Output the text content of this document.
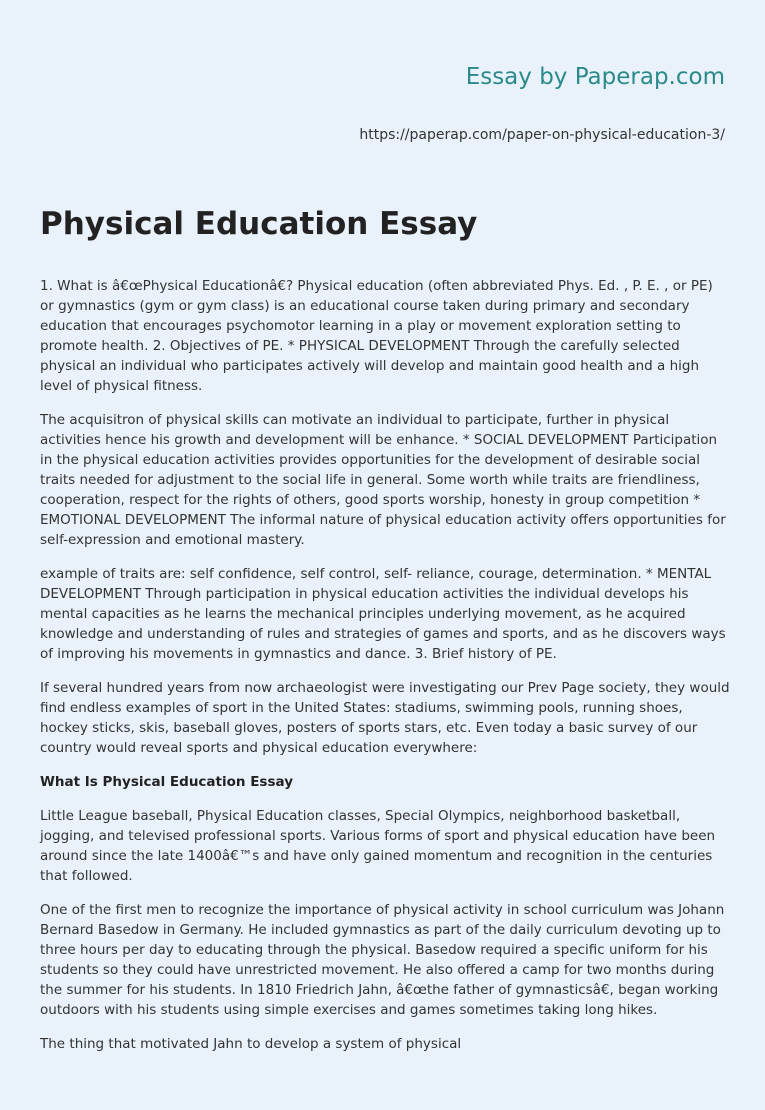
Essay by Paperap.com
https://paperap.com/paper-on-physical-education-3/
Physical Education Essay

1. What is â€œPhysical Educationâ€? Physical education (often abbreviated Phys. Ed. , P. E. , or PE) or gymnastics (gym or gym class) is an educational course taken during primary and secondary education that encourages psychomotor learning in a play or movement exploration setting to promote health. 2. Objectives of PE. * PHYSICAL DEVELOPMENT Through the carefully selected physical an individual who participates actively will develop and maintain good health and a high level of physical fitness.

The acquisitron of physical skills can motivate an individual to participate, further in physical activities hence his growth and development will be enhance. * SOCIAL DEVELOPMENT Participation in the physical education activities provides opportunities for the development of desirable social traits needed for adjustment to the social life in general. Some worth while traits are friendliness, cooperation, respect for the rights of others, good sports worship, honesty in group competition * EMOTIONAL DEVELOPMENT The informal nature of physical education activity offers opportunities for self-expression and emotional mastery.

example of traits are: self confidence, self control, self- reliance, courage, determination. * MENTAL DEVELOPMENT Through participation in physical education activities the individual develops his mental capacities as he learns the mechanical principles underlying movement, as he acquired knowledge and understanding of rules and strategies of games and sports, and as he discovers ways of improving his movements in gymnastics and dance. 3. Brief history of PE.

If several hundred years from now archaeologist were investigating our Prev Page society, they would find endless examples of sport in the United States: stadiums, swimming pools, running shoes, hockey sticks, skis, baseball gloves, posters of sports stars, etc. Even today a basic survey of our country would reveal sports and physical education everywhere:

What Is Physical Education Essay

Little League baseball, Physical Education classes, Special Olympics, neighborhood basketball, jogging, and televised professional sports. Various forms of sport and physical education have been around since the late 1400â€™s and have only gained momentum and recognition in the centuries that followed.

One of the first men to recognize the importance of physical activity in school curriculum was Johann Bernard Basedow in Germany. He included gymnastics as part of the daily curriculum devoting up to three hours per day to educating through the physical. Basedow required a specific uniform for his students so they could have unrestricted movement. He also offered a camp for two months during the summer for his students. In 1810 Friedrich Jahn, â€œthe father of gymnasticsâ€, began working outdoors with his students using simple exercises and games sometimes taking long hikes.

The thing that motivated Jahn to develop a system of physical
